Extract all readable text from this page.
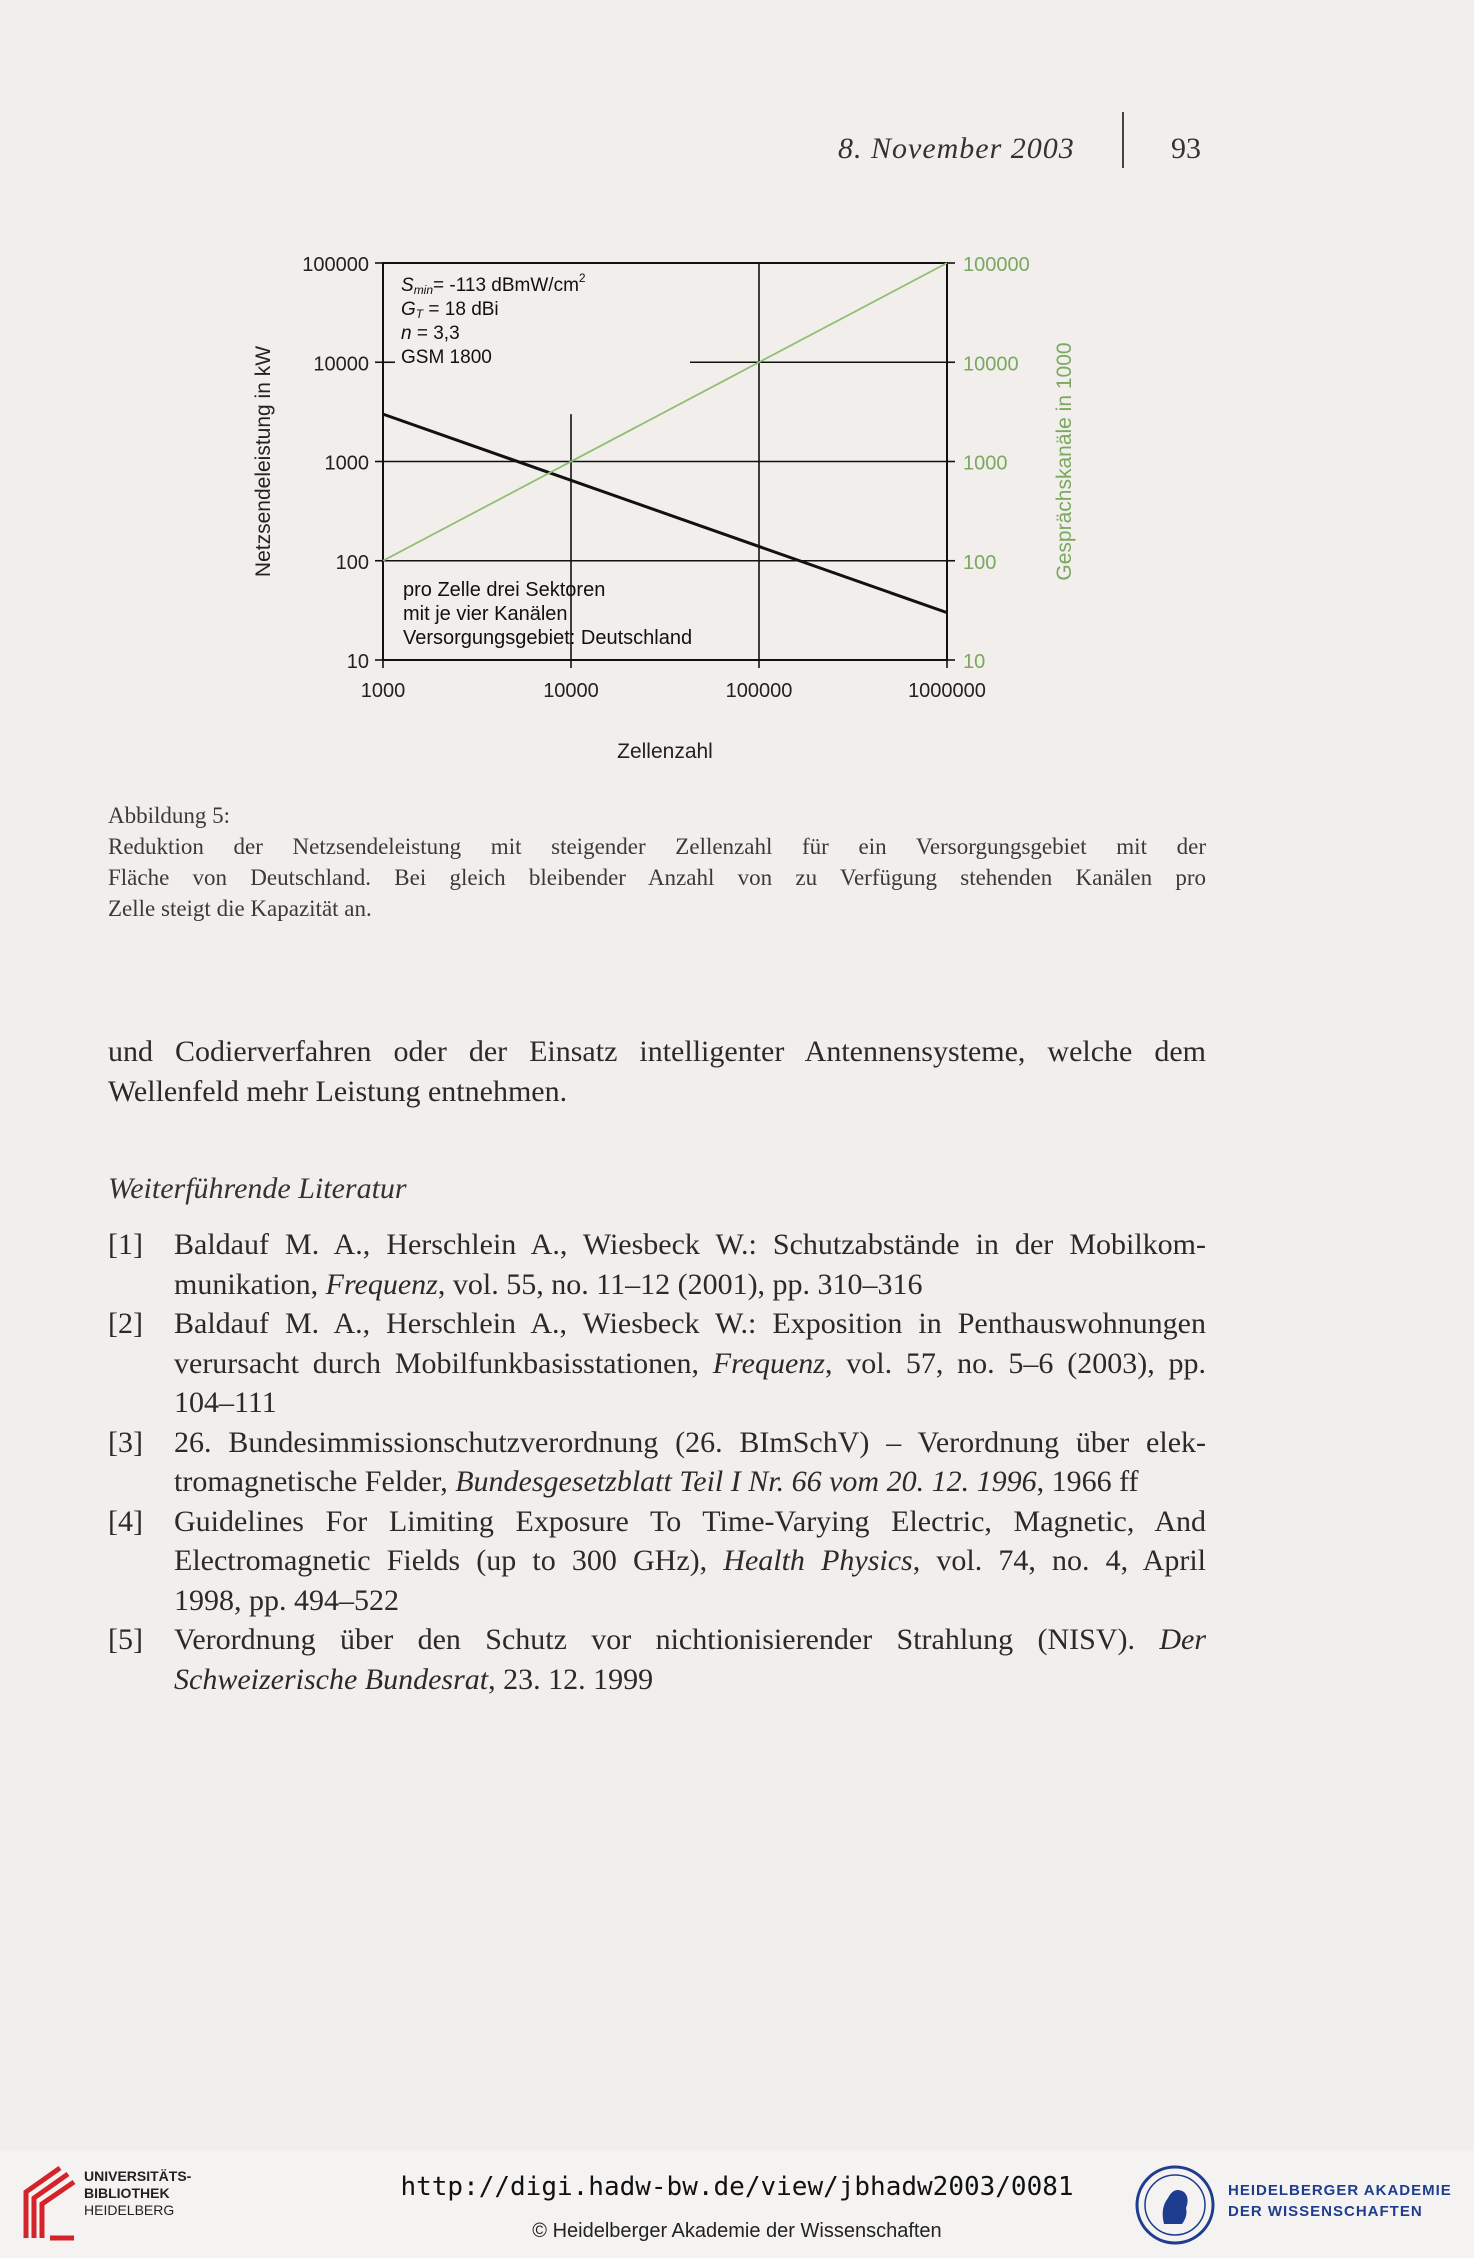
8. November 2003	93
10	10
100	100
1000	1000
10000	10000
100000	100000
1000	10000	100000	1000000
Zellenzahl
Netzsendeleistung in kW	Gesprächskanäle in 1000
Smin= -113 dBmW/$cm^2$
GT = 18 dBi
n = 3,3
GSM 1800
pro Zelle drei Sektoren
mit je vier Kanälen
Versorgungsgebiet: Deutschland
Abbildung 5:
Reduktion der Netzsendeleistung mit steigender Zellenzahl für ein Versorgungsgebiet mit der
Fläche von Deutschland. Bei gleich bleibender Anzahl von zu Verfügung stehenden Kanälen pro
Zelle steigt die Kapazität an.
und Codierverfahren oder der Einsatz intelligenter Antennensysteme, welche dem
Wellenfeld mehr Leistung entnehmen.
Weiterführende Literatur
[1] Baldauf M. A., Herschlein A., Wiesbeck W.: Schutzabstände in der Mobilkom-
munikation, Frequenz, vol. 55, no. 11–12 (2001), pp. 310–316
[2] Baldauf M. A., Herschlein A., Wiesbeck W.: Exposition in Penthauswohnungen
verursacht durch Mobilfunkbasisstationen, Frequenz, vol. 57, no. 5–6 (2003), pp.
104–111
[3] 26. Bundesimmissionschutzverordnung (26. BImSchV) – Verordnung über elek-
tromagnetische Felder, Bundesgesetzblatt Teil I Nr. 66 vom 20. 12. 1996, 1966 ff
[4] Guidelines For Limiting Exposure To Time-Varying Electric, Magnetic, And
Electromagnetic Fields (up to 300 GHz), Health Physics, vol. 74, no. 4, April
1998, pp. 494–522
[5] Verordnung über den Schutz vor nichtionisierender Strahlung (NISV). Der
Schweizerische Bundesrat, 23. 12. 1999
UNIVERSITÄTS-
BIBLIOTHEK
HEIDELBERG
http://digi.hadw-bw.de/view/jbhadw2003/0081
© Heidelberger Akademie der Wissenschaften
HEIDELBERGER AKADEMIE
DER WISSENSCHAFTEN
